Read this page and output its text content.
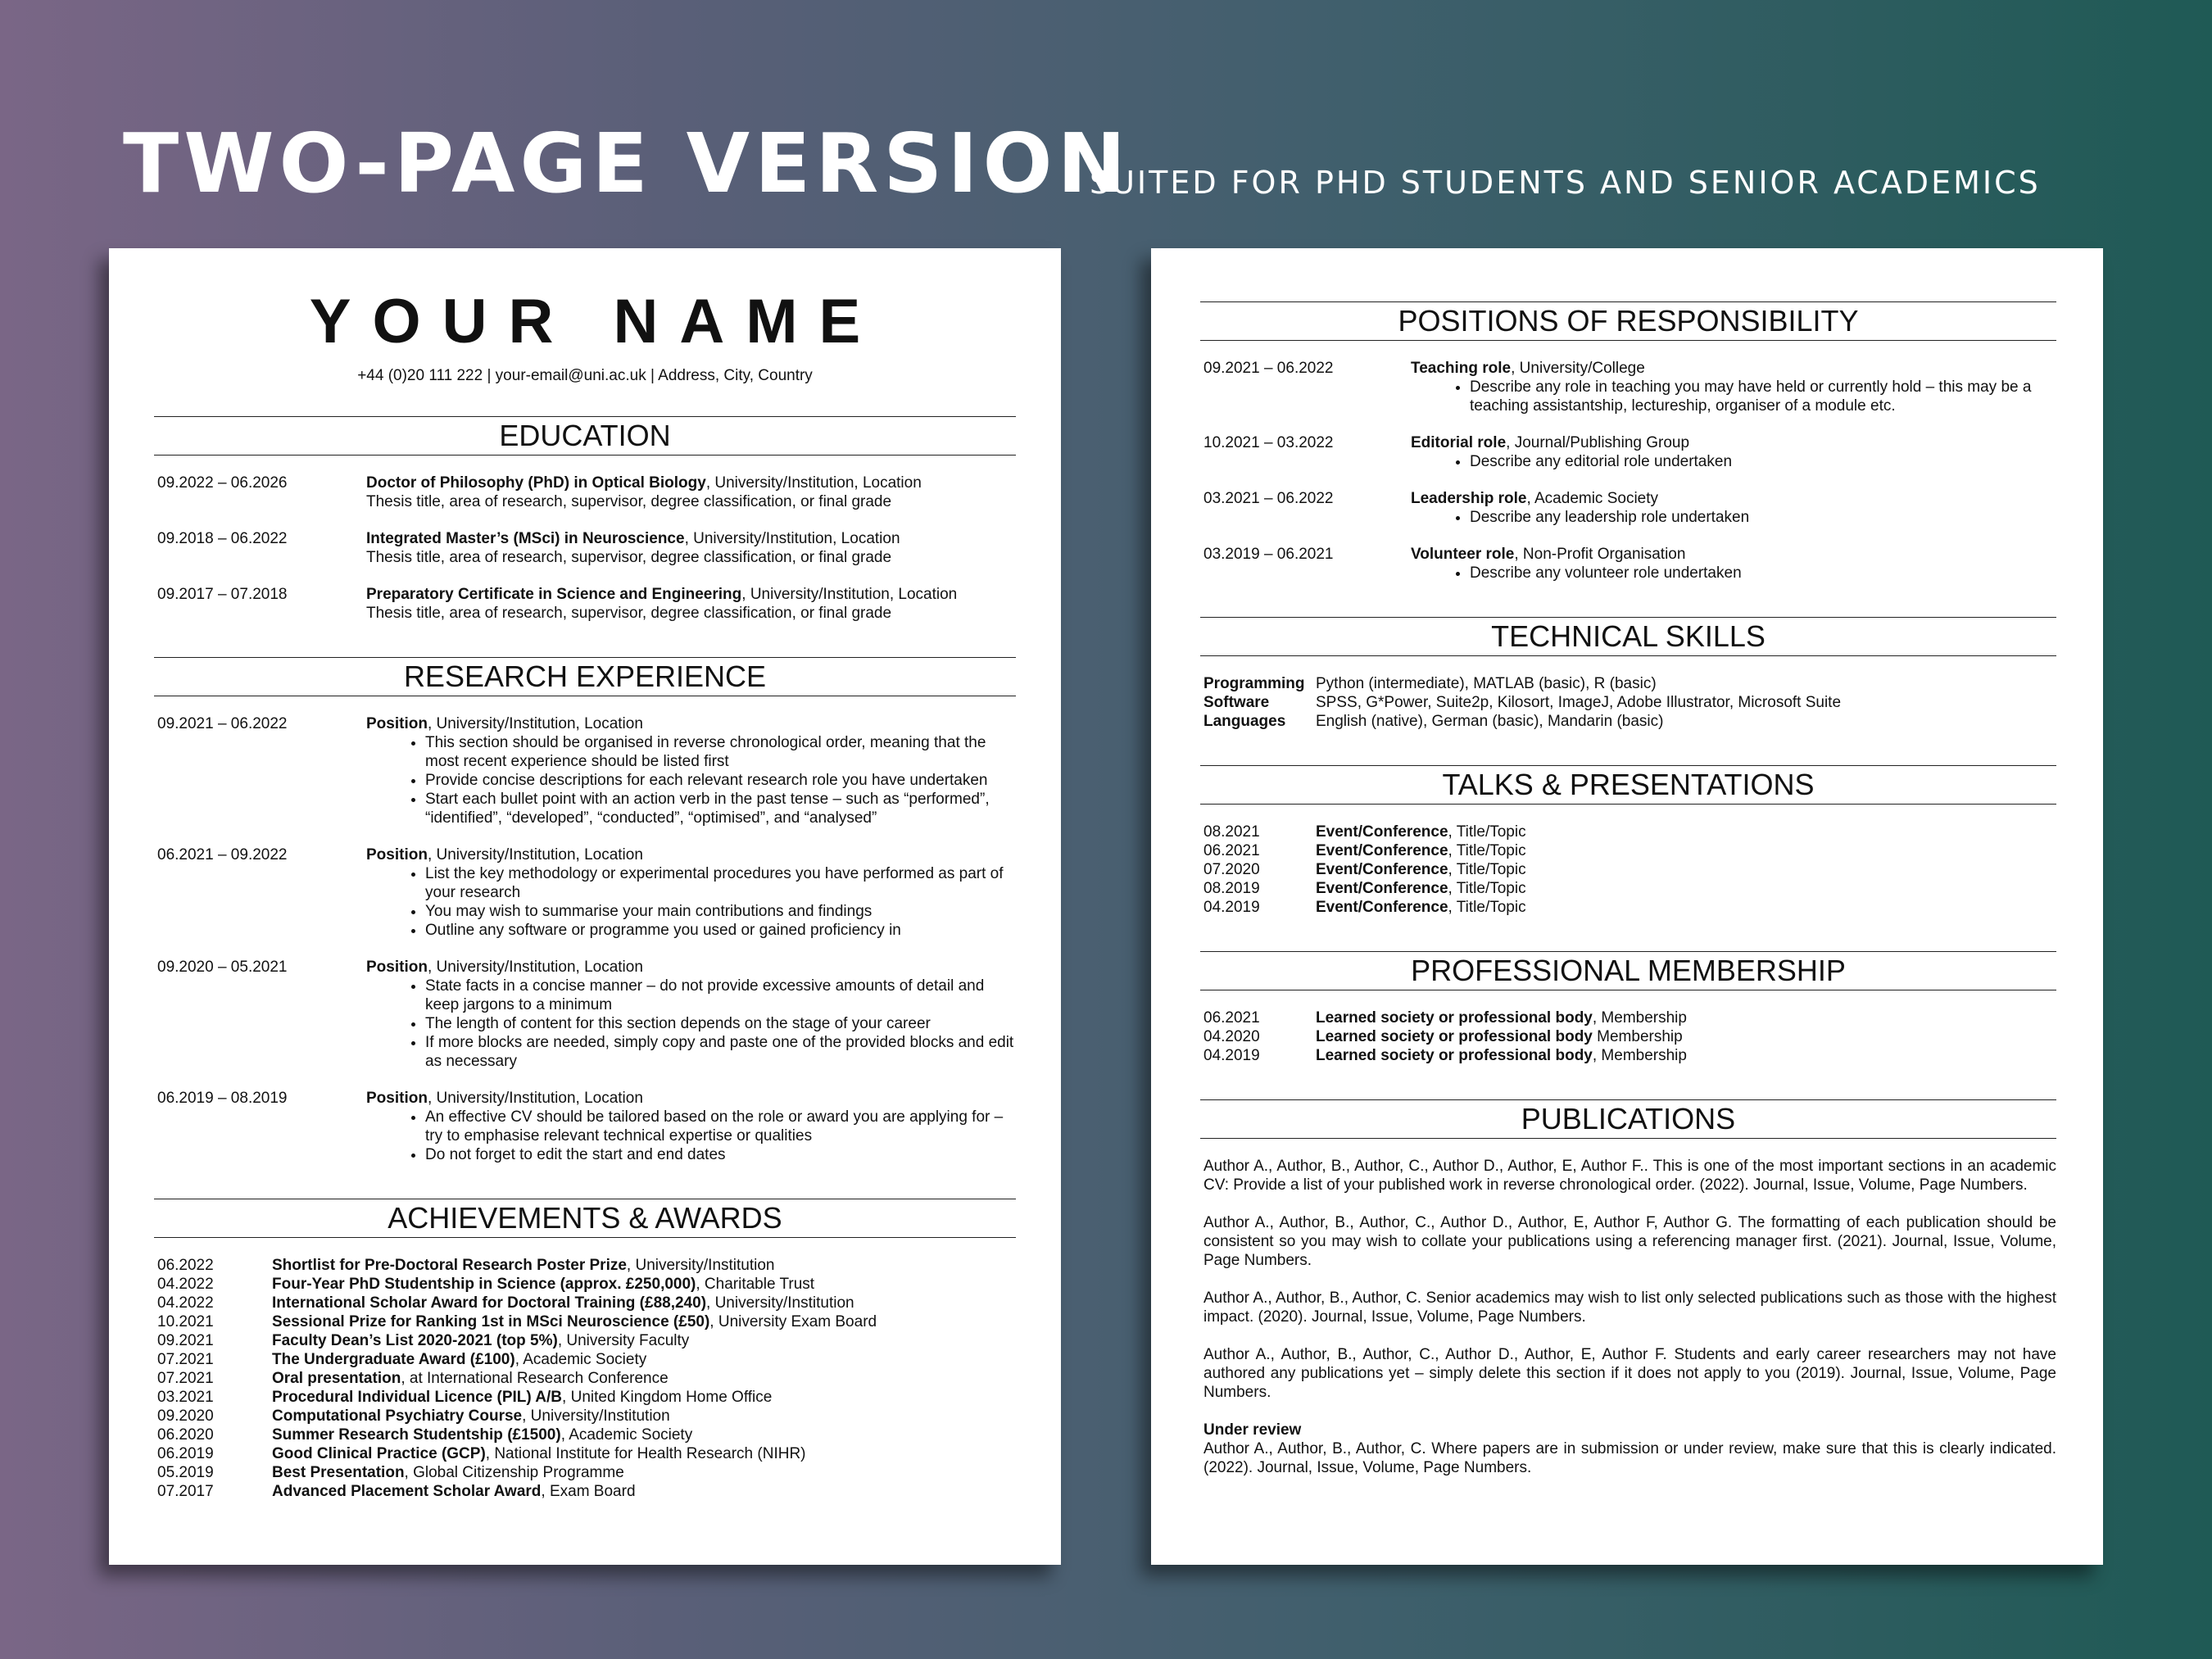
TWO-PAGE VERSION
SUITED FOR PHD STUDENTS AND SENIOR ACADEMICS
YOUR NAME
+44 (0)20 111 222 | your-email@uni.ac.uk | Address, City, Country
EDUCATION
09.2022 – 06.2026	Doctor of Philosophy (PhD) in Optical Biology, University/Institution, Location
Thesis title, area of research, supervisor, degree classification, or final grade
09.2018 – 06.2022	Integrated Master’s (MSci) in Neuroscience, University/Institution, Location
Thesis title, area of research, supervisor, degree classification, or final grade
09.2017 – 07.2018	Preparatory Certificate in Science and Engineering, University/Institution, Location
Thesis title, area of research, supervisor, degree classification, or final grade
RESEARCH EXPERIENCE
09.2021 – 06.2022	Position, University/Institution, Location
• This section should be organised in reverse chronological order, meaning that the most recent experience should be listed first
• Provide concise descriptions for each relevant research role you have undertaken
• Start each bullet point with an action verb in the past tense – such as “performed”, “identified”, “developed”, “conducted”, “optimised”, and “analysed”
06.2021 – 09.2022	Position, University/Institution, Location
• List the key methodology or experimental procedures you have performed as part of your research
• You may wish to summarise your main contributions and findings
• Outline any software or programme you used or gained proficiency in
09.2020 – 05.2021	Position, University/Institution, Location
• State facts in a concise manner – do not provide excessive amounts of detail and keep jargons to a minimum
• The length of content for this section depends on the stage of your career
• If more blocks are needed, simply copy and paste one of the provided blocks and edit as necessary
06.2019 – 08.2019	Position, University/Institution, Location
• An effective CV should be tailored based on the role or award you are applying for – try to emphasise relevant technical expertise or qualities
• Do not forget to edit the start and end dates
ACHIEVEMENTS & AWARDS
06.2022	Shortlist for Pre-Doctoral Research Poster Prize, University/Institution
04.2022	Four-Year PhD Studentship in Science (approx. £250,000), Charitable Trust
04.2022	International Scholar Award for Doctoral Training (£88,240), University/Institution
10.2021	Sessional Prize for Ranking 1st in MSci Neuroscience (£50), University Exam Board
09.2021	Faculty Dean’s List 2020-2021 (top 5%), University Faculty
07.2021	The Undergraduate Award (£100), Academic Society
07.2021	Oral presentation, at International Research Conference
03.2021	Procedural Individual Licence (PIL) A/B, United Kingdom Home Office
09.2020	Computational Psychiatry Course, University/Institution
06.2020	Summer Research Studentship (£1500), Academic Society
06.2019	Good Clinical Practice (GCP), National Institute for Health Research (NIHR)
05.2019	Best Presentation, Global Citizenship Programme
07.2017	Advanced Placement Scholar Award, Exam Board
POSITIONS OF RESPONSIBILITY
09.2021 – 06.2022	Teaching role, University/College
• Describe any role in teaching you may have held or currently hold – this may be a teaching assistantship, lectureship, organiser of a module etc.
10.2021 – 03.2022	Editorial role, Journal/Publishing Group
• Describe any editorial role undertaken
03.2021 – 06.2022	Leadership role, Academic Society
• Describe any leadership role undertaken
03.2019 – 06.2021	Volunteer role, Non-Profit Organisation
• Describe any volunteer role undertaken
TECHNICAL SKILLS
Programming Python (intermediate), MATLAB (basic), R (basic)
Software	SPSS, G*Power, Suite2p, Kilosort, ImageJ, Adobe Illustrator, Microsoft Suite
Languages	English (native), German (basic), Mandarin (basic)
TALKS & PRESENTATIONS
08.2021	Event/Conference, Title/Topic
06.2021	Event/Conference, Title/Topic
07.2020	Event/Conference, Title/Topic
08.2019	Event/Conference, Title/Topic
04.2019	Event/Conference, Title/Topic
PROFESSIONAL MEMBERSHIP
06.2021	Learned society or professional body, Membership
04.2020	Learned society or professional body Membership
04.2019	Learned society or professional body, Membership
PUBLICATIONS

Author A., Author, B., Author, C., Author D., Author, E, Author F.. This is one of the most important sections in an academic CV: Provide a list of your published work in reverse chronological order. (2022). Journal, Issue, Volume, Page Numbers.

Author A., Author, B., Author, C., Author D., Author, E, Author F, Author G. The formatting of each publication should be consistent so you may wish to collate your publications using a referencing manager first. (2021). Journal, Issue, Volume, Page Numbers.

Author A., Author, B., Author, C. Senior academics may wish to list only selected publications such as those with the highest impact. (2020). Journal, Issue, Volume, Page Numbers.

Author A., Author, B., Author, C., Author D., Author, E, Author F. Students and early career researchers may not have authored any publications yet – simply delete this section if it does not apply to you (2019). Journal, Issue, Volume, Page Numbers.

Under review
Author A., Author, B., Author, C. Where papers are in submission or under review, make sure that this is clearly indicated. (2022). Journal, Issue, Volume, Page Numbers.
